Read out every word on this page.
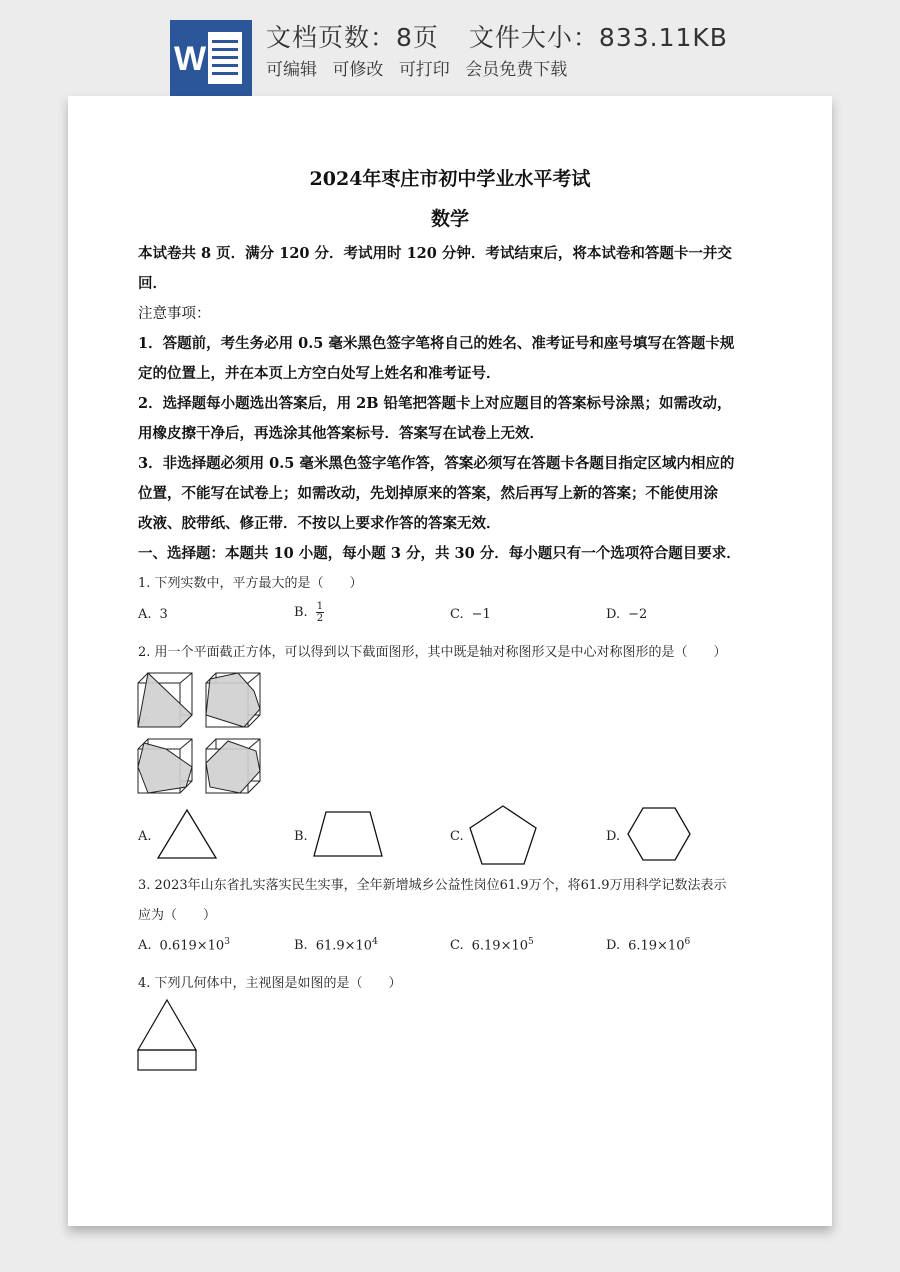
W
文档页数：8页 文件大小：833.11KB
可编辑 可修改 可打印 会员免费下载
2024年枣庄市初中学业水平考试
数学
本试卷共 8 页．满分 120 分．考试用时 120 分钟．考试结束后，将本试卷和答题卡一并交
回．
注意事项：
1．答题前，考生务必用 0.5 毫米黑色签字笔将自己的姓名、准考证号和座号填写在答题卡规
定的位置上，并在本页上方空白处写上姓名和准考证号．
2．选择题每小题选出答案后，用 2B 铅笔把答题卡上对应题目的答案标号涂黑；如需改动，
用橡皮擦干净后，再选涂其他答案标号．答案写在试卷上无效．
3．非选择题必须用 0.5 毫米黑色签字笔作答，答案必须写在答题卡各题目指定区域内相应的
位置，不能写在试卷上；如需改动，先划掉原来的答案，然后再写上新的答案；不能使用涂
改液、胶带纸、修正带．不按以上要求作答的答案无效．
一、选择题：本题共 10 小题，每小题 3 分，共 30 分．每小题只有一个选项符合题目要求．
1. 下列实数中，平方最大的是（　　）
A. 3	B. $\frac{1}{2}$	C. −1	D. −2
2. 用一个平面截正方体，可以得到以下截面图形，其中既是轴对称图形又是中心对称图形的是（　　）
A.	B.	C.	D.
3. 2023年山东省扎实落实民生实事，全年新增城乡公益性岗位61.9万个，将61.9万用科学记数法表示
应为（　　）
A. $0.619\times 10^3$	B. $61.9\times 10^4$	C. $6.19\times 10^5$	D. $6.19\times 10^6$
4. 下列几何体中，主视图是如图的是（　　）
